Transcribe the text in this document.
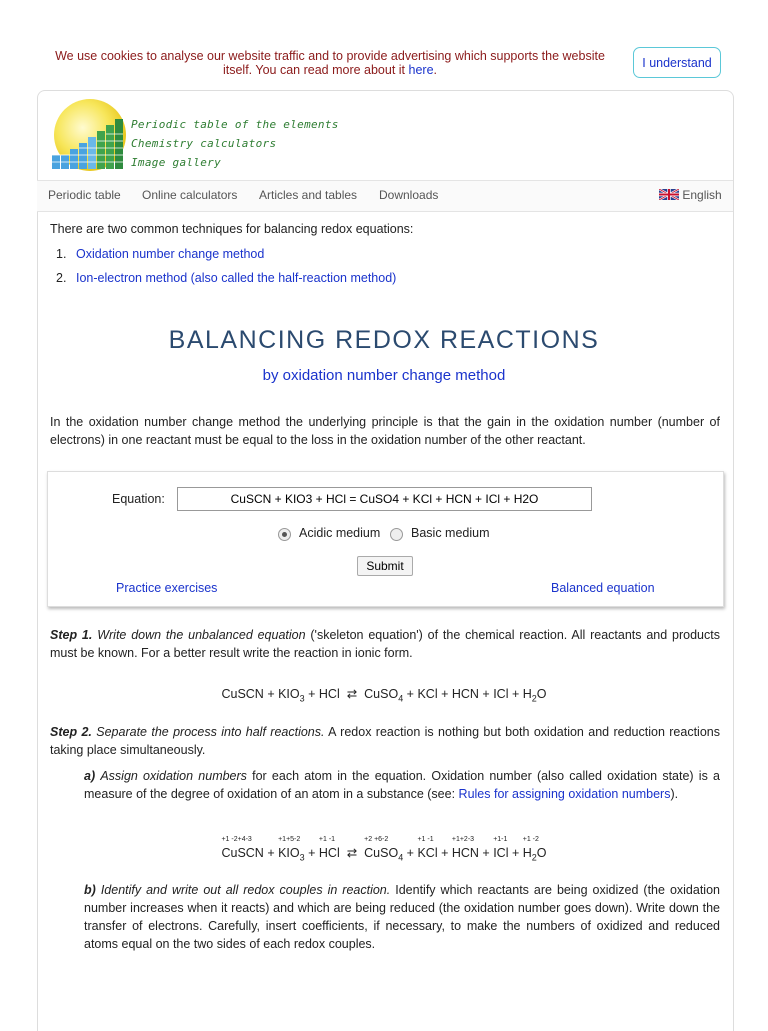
We use cookies to analyse our website traffic and to provide advertising which supports the website itself. You can read more about it here.	I understand
Periodic table of the elements
Chemistry calculators
Image gallery
Periodic table Online calculators Articles and tables Downloads	English
There are two common techniques for balancing redox equations:
1. Oxidation number change method
2. Ion-electron method (also called the half-reaction method)
BALANCING REDOX REACTIONS
by oxidation number change method
In the oxidation number change method the underlying principle is that the gain in the oxidation number (number of electrons) in one reactant must be equal to the loss in the oxidation number of the other reactant.
Equation:
CuSCN + KIO3 + HCl = CuSO4 + KCl + HCN + ICl + H2O
Acidic medium Basic medium
Submit
Practice exercises	Balanced equation
Step 1. Write down the unbalanced equation ('skeleton equation') of the chemical reaction. All reactants and products must be known. For a better result write the reaction in ionic form.
CuSCN + $KIO_3$ + HCl ⇄ CuSO$_4$ + KCl + HCN + ICl + $H_2O$
Step 2. Separate the process into half reactions. A redox reaction is nothing but both oxidation and reduction reactions taking place simultaneously.
a) Assign oxidation numbers for each atom in the equation. Oxidation number (also called oxidation state) is a measure of the degree of oxidation of an atom in a substance (see: Rules for assigning oxidation numbers).
+1 -2+4-3
CuSCN +
+1+5-2
$KIO_3$ +
+1 -1
HCl ⇄
+2 +6-2
CuSO$_4$ +
+1 -1
KCl +
+1+2-3
HCN +
+1-1
ICl +
+1 -2
$H_2O$
b) Identify and write out all redox couples in reaction. Identify which reactants are being oxidized (the oxidation number increases when it reacts) and which are being reduced (the oxidation number goes down). Write down the transfer of electrons. Carefully, insert coefficients, if necessary, to make the numbers of oxidized and reduced atoms equal on the two sides of each redox couples.
